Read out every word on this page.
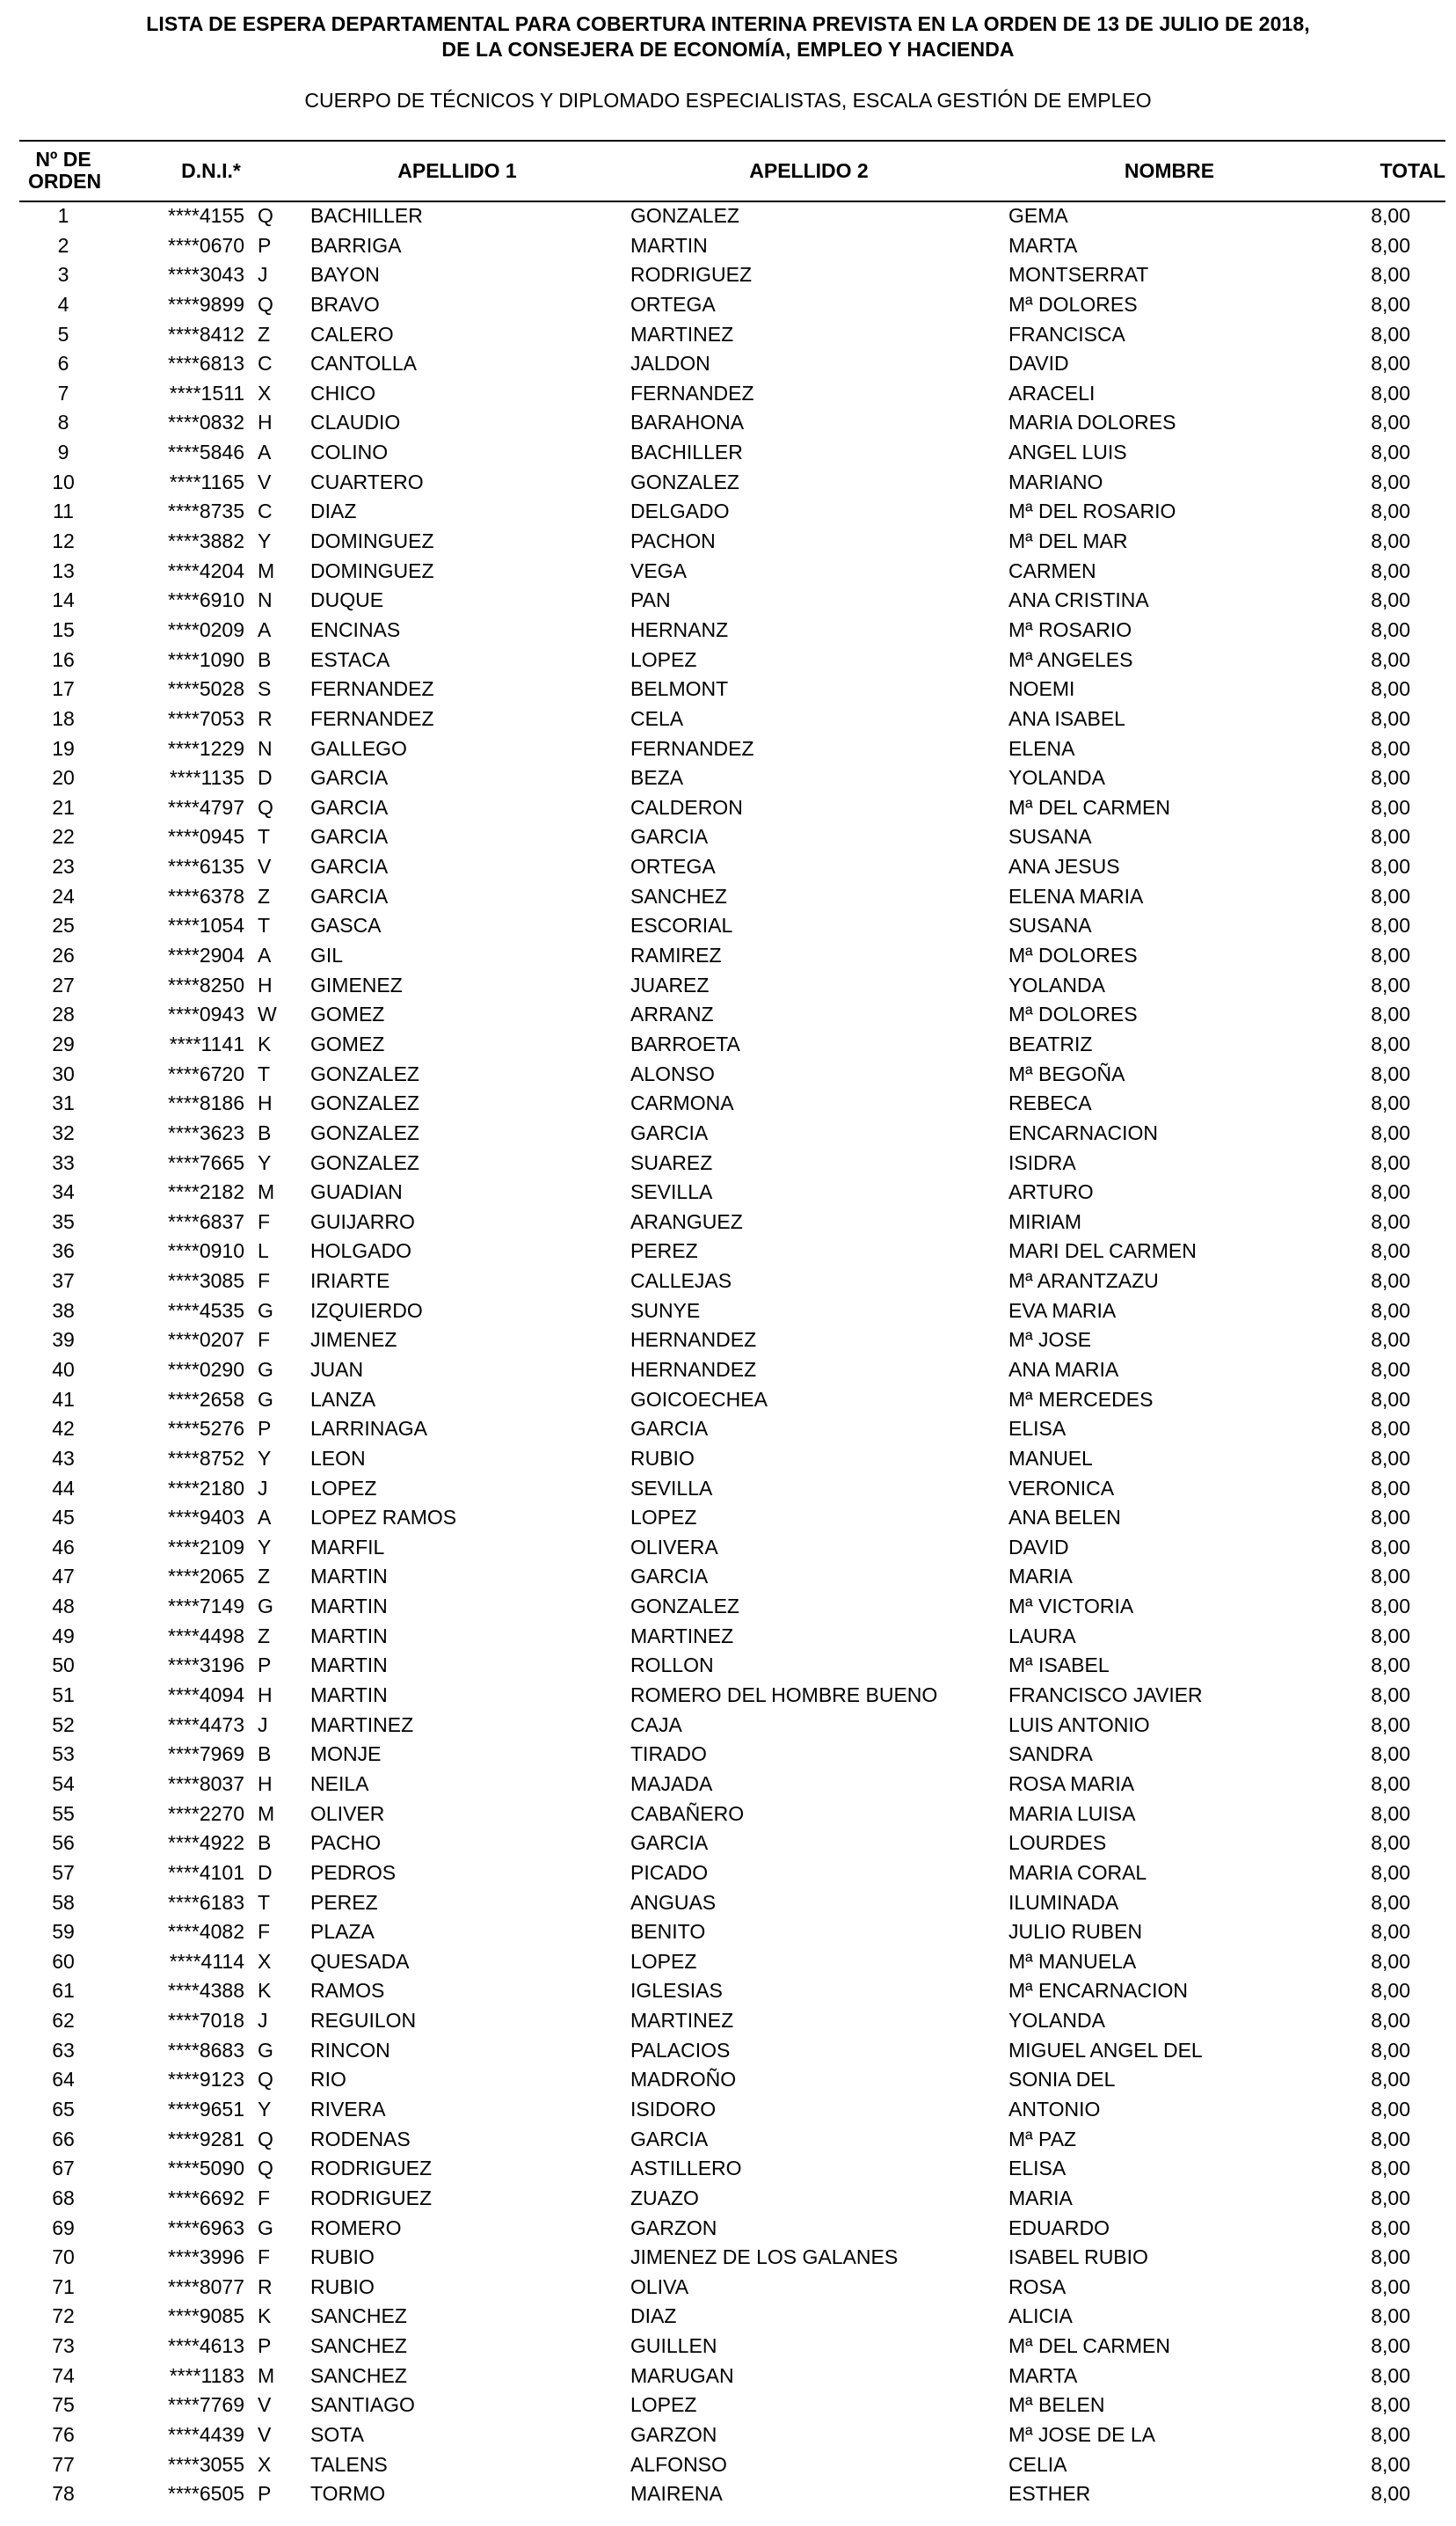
LISTA DE ESPERA DEPARTAMENTAL PARA COBERTURA INTERINA PREVISTA EN LA ORDEN DE 13 DE JULIO DE 2018,
DE LA CONSEJERA DE ECONOMÍA, EMPLEO Y HACIENDA
CUERPO DE TÉCNICOS Y DIPLOMADO ESPECIALISTAS, ESCALA GESTIÓN DE EMPLEO
Nº DE ORDEN	D.N.I.*	APELLIDO 1	APELLIDO 2	NOMBRE	TOTAL
1	****4155 Q BACHILLER	GONZALEZ	GEMA	8,00
2	****0670 P	BARRIGA	MARTIN	MARTA	8,00
3	****3043 J	BAYON	RODRIGUEZ	MONTSERRAT	8,00
4	****9899 Q BRAVO	ORTEGA	Mª DOLORES	8,00
5	****8412 Z	CALERO	MARTINEZ	FRANCISCA	8,00
6	****6813 C	CANTOLLA	JALDON	DAVID	8,00
7	****1511 X	CHICO	FERNANDEZ	ARACELI	8,00
8	****0832 H	CLAUDIO	BARAHONA	MARIA DOLORES	8,00
9	****5846 A	COLINO	BACHILLER	ANGEL LUIS	8,00
10	****1165 V	CUARTERO	GONZALEZ	MARIANO	8,00
11	****8735 C	DIAZ	DELGADO	Mª DEL ROSARIO	8,00
12	****3882 Y	DOMINGUEZ	PACHON	Mª DEL MAR	8,00
13	****4204 M DOMINGUEZ	VEGA	CARMEN	8,00
14	****6910 N	DUQUE	PAN	ANA CRISTINA	8,00
15	****0209 A	ENCINAS	HERNANZ	Mª ROSARIO	8,00
16	****1090 B	ESTACA	LOPEZ	Mª ANGELES	8,00
17	****5028 S	FERNANDEZ	BELMONT	NOEMI	8,00
18	****7053 R	FERNANDEZ	CELA	ANA ISABEL	8,00
19	****1229 N	GALLEGO	FERNANDEZ	ELENA	8,00
20	****1135 D	GARCIA	BEZA	YOLANDA	8,00
21	****4797 Q GARCIA	CALDERON	Mª DEL CARMEN	8,00
22	****0945 T	GARCIA	GARCIA	SUSANA	8,00
23	****6135 V	GARCIA	ORTEGA	ANA JESUS	8,00
24	****6378 Z	GARCIA	SANCHEZ	ELENA MARIA	8,00
25	****1054 T	GASCA	ESCORIAL	SUSANA	8,00
26	****2904 A	GIL	RAMIREZ	Mª DOLORES	8,00
27	****8250 H	GIMENEZ	JUAREZ	YOLANDA	8,00
28	****0943 W GOMEZ	ARRANZ	Mª DOLORES	8,00
29	****1141 K	GOMEZ	BARROETA	BEATRIZ	8,00
30	****6720 T	GONZALEZ	ALONSO	Mª BEGOÑA	8,00
31	****8186 H	GONZALEZ	CARMONA	REBECA	8,00
32	****3623 B	GONZALEZ	GARCIA	ENCARNACION	8,00
33	****7665 Y	GONZALEZ	SUAREZ	ISIDRA	8,00
34	****2182 M GUADIAN	SEVILLA	ARTURO	8,00
35	****6837 F	GUIJARRO	ARANGUEZ	MIRIAM	8,00
36	****0910 L	HOLGADO	PEREZ	MARI DEL CARMEN	8,00
37	****3085 F	IRIARTE	CALLEJAS	Mª ARANTZAZU	8,00
38	****4535 G IZQUIERDO	SUNYE	EVA MARIA	8,00
39	****0207 F	JIMENEZ	HERNANDEZ	Mª JOSE	8,00
40	****0290 G JUAN	HERNANDEZ	ANA MARIA	8,00
41	****2658 G LANZA	GOICOECHEA	Mª MERCEDES	8,00
42	****5276 P	LARRINAGA	GARCIA	ELISA	8,00
43	****8752 Y	LEON	RUBIO	MANUEL	8,00
44	****2180 J	LOPEZ	SEVILLA	VERONICA	8,00
45	****9403 A	LOPEZ RAMOS	LOPEZ	ANA BELEN	8,00
46	****2109 Y	MARFIL	OLIVERA	DAVID	8,00
47	****2065 Z	MARTIN	GARCIA	MARIA	8,00
48	****7149 G MARTIN	GONZALEZ	Mª VICTORIA	8,00
49	****4498 Z	MARTIN	MARTINEZ	LAURA	8,00
50	****3196 P	MARTIN	ROLLON	Mª ISABEL	8,00
51	****4094 H	MARTIN	ROMERO DEL HOMBRE BUENO	FRANCISCO JAVIER	8,00
52	****4473 J	MARTINEZ	CAJA	LUIS ANTONIO	8,00
53	****7969 B	MONJE	TIRADO	SANDRA	8,00
54	****8037 H	NEILA	MAJADA	ROSA MARIA	8,00
55	****2270 M OLIVER	CABAÑERO	MARIA LUISA	8,00
56	****4922 B	PACHO	GARCIA	LOURDES	8,00
57	****4101 D	PEDROS	PICADO	MARIA CORAL	8,00
58	****6183 T	PEREZ	ANGUAS	ILUMINADA	8,00
59	****4082 F	PLAZA	BENITO	JULIO RUBEN	8,00
60	****4114 X	QUESADA	LOPEZ	Mª MANUELA	8,00
61	****4388 K	RAMOS	IGLESIAS	Mª ENCARNACION	8,00
62	****7018 J	REGUILON	MARTINEZ	YOLANDA	8,00
63	****8683 G RINCON	PALACIOS	MIGUEL ANGEL DEL	8,00
64	****9123 Q RIO	MADROÑO	SONIA DEL	8,00
65	****9651 Y	RIVERA	ISIDORO	ANTONIO	8,00
66	****9281 Q RODENAS	GARCIA	Mª PAZ	8,00
67	****5090 Q RODRIGUEZ	ASTILLERO	ELISA	8,00
68	****6692 F	RODRIGUEZ	ZUAZO	MARIA	8,00
69	****6963 G ROMERO	GARZON	EDUARDO	8,00
70	****3996 F	RUBIO	JIMENEZ DE LOS GALANES	ISABEL RUBIO	8,00
71	****8077 R	RUBIO	OLIVA	ROSA	8,00
72	****9085 K	SANCHEZ	DIAZ	ALICIA	8,00
73	****4613 P	SANCHEZ	GUILLEN	Mª DEL CARMEN	8,00
74	****1183 M SANCHEZ	MARUGAN	MARTA	8,00
75	****7769 V	SANTIAGO	LOPEZ	Mª BELEN	8,00
76	****4439 V	SOTA	GARZON	Mª JOSE DE LA	8,00
77	****3055 X	TALENS	ALFONSO	CELIA	8,00
78	****6505 P	TORMO	MAIRENA	ESTHER	8,00
